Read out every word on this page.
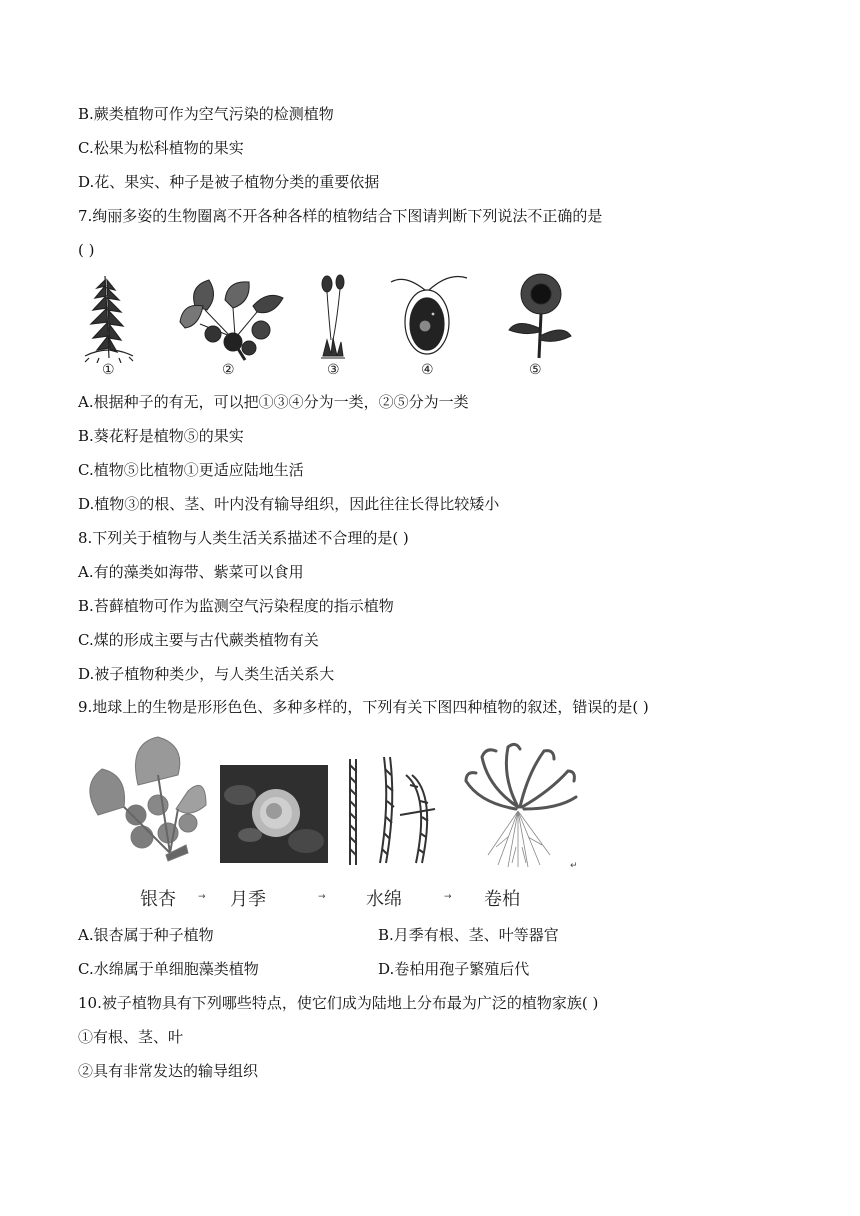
B.蕨类植物可作为空气污染的检测植物
C.松果为松科植物的果实
D.花、果实、种子是被子植物分类的重要依据
7.绚丽多姿的生物圈离不开各种各样的植物结合下图请判断下列说法不正确的是
( )
①	②	③	④	⑤
A.根据种子的有无，可以把①③④分为一类，②⑤分为一类
B.葵花籽是植物⑤的果实
C.植物⑤比植物①更适应陆地生活
D.植物③的根、茎、叶内没有输导组织，因此往往长得比较矮小
8.下列关于植物与人类生活关系描述不合理的是( )
A.有的藻类如海带、紫菜可以食用
B.苔藓植物可作为监测空气污染程度的指示植物
C.煤的形成主要与古代蕨类植物有关
D.被子植物种类少，与人类生活关系大
9.地球上的生物是形形色色、多种多样的，下列有关下图四种植物的叙述，错误的是( )
↵
银杏 → 月季	→ 水绵	→ 卷柏
A.银杏属于种子植物	B.月季有根、茎、叶等器官
C.水绵属于单细胞藻类植物	D.卷柏用孢子繁殖后代
10.被子植物具有下列哪些特点，使它们成为陆地上分布最为广泛的植物家族( )
①有根、茎、叶
②具有非常发达的输导组织
